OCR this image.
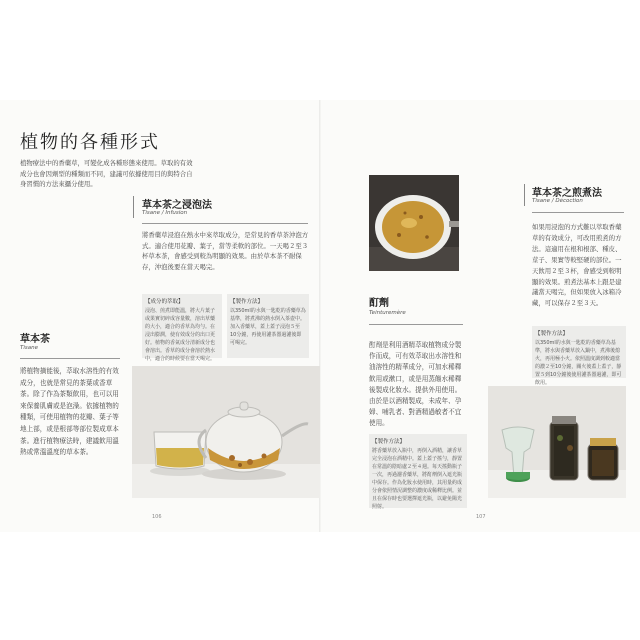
植物的各種形式
植物療法中的香藥草，可變化成各種形態來使用。草取的有效成分也會因劑型的種類而不同，建議可依據使用目的與特合自身習慣的方法來攝分使用。
草本茶之浸泡法
Tisane / Infusion
將香藥草浸泡在熱水中來萃取成分，是常見的香草茶沖泡方式。適合使用花瓣、葉子，當等柔軟的部位。一天喝２至３杯草本茶，會感受到較為明顯的效果。由於草本茶不耐保存，沖泡後要在當天喝完。
【成分的萃取】
浸泡、煎煮即能溫，將大片葉子或果實切碎成容量數，溶出草藥的大小，適合的香草為均勻。在浸出膨潤，使有效成分的出口更好。植物的香氣成分清新成分也會溶出。香草的成分會溶於熱水中，適合的時候要在當天喝完。
【製作方法】
以350ml的水與一匙乾的香藥草為基準，將煮沸的熱水倒入茶壺中。加入香藥草，蓋上蓋子浸泡５至10分鐘，再使用濾茶器過濾後即可喝完。
草本茶
Tisane
將植物摘能後，萃取水溶性的有效成分，也就是常見的茶葉或香草茶。除了作為茶類飲用，也可以用來保養肌膚或是泡澡。依據植物的種類，可使用植物的花瓣、葉子等地上部，或是根部等部位製成草本茶。進行植物療法時，建議飲用溫熱或常溫溫度的草本茶。
106
草本茶之煎煮法
Tisane / Décoction
如果用浸泡的方式難以萃取香藥草的有效成分，可改用煎煮的方法。這適用在根和根部、種皮、莖子、果實等較堅硬的部位。一天飲用２至３杯，會感受到較明顯的效果。煎煮法基本上跟是建議當天喝完，但如果放入冰箱冷藏，可以保存２至３天。
【製作方法】
以350ml的水與一匙乾的香藥草為基準，將水與香藥草放入鍋中，煮沸後熄火，再用極小火。依照溫度調到較適當的濃２至10分鐘，關火後蓋上蓋子，靜置５到10分鐘後使用濾茶器過濾，即可飲用。
酊劑
Teinturemère
酊劑是利用酒精萃取植物成分製作而成，可有效萃取出水溶性和油溶性的精華成分，可加水稀釋飲用或漱口，或是用蒸餾水稀釋後製成化妝水。提供外用使用。由於是以酒精製成，未成年、孕婦、哺乳者、對酒精過敏者不宜使用。
【製作方法】
將香藥草放入瓶中，再倒入酒精，讓香草完全浸泡在酒精中。蓋上蓋子搖勻，靜置在常溫的陰暗處２至４週。每天搖動瓶子一次，再過濾香藥草，將酊劑倒入遮光瓶中保存。作為化妝水使用時，其用量約成分會依照情況調整的濃度或稀釋比例。並且在保存時也要選擇遮光瓶，以避免陽光照射。
107
